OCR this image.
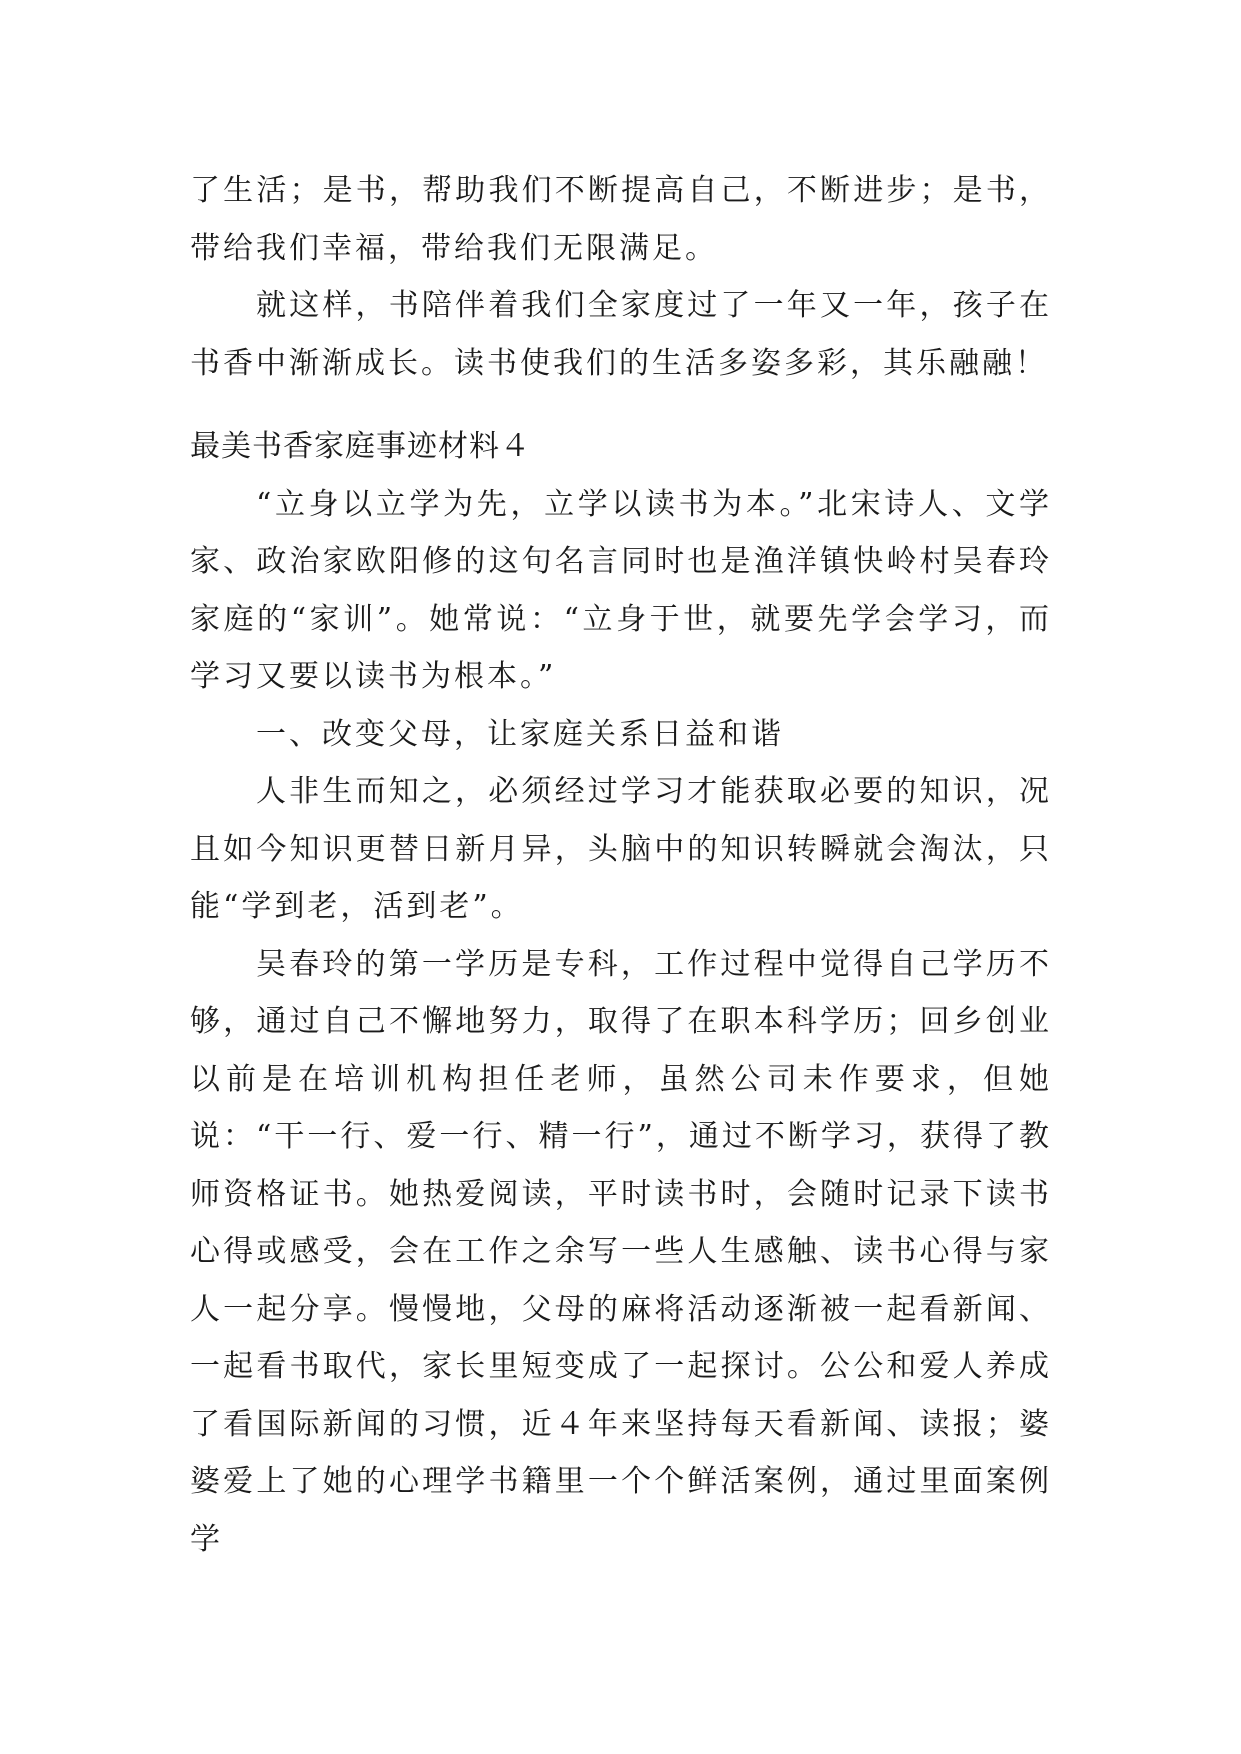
了生活；是书，帮助我们不断提高自己，不断进步；是书，带给我们幸福，带给我们无限满足。

就这样，书陪伴着我们全家度过了一年又一年，孩子在书香中渐渐成长。读书使我们的生活多姿多彩，其乐融融！

最美书香家庭事迹材料４

“立身以立学为先，立学以读书为本。”北宋诗人、文学家、政治家欧阳修的这句名言同时也是渔洋镇快岭村吴春玲家庭的“家训”。她常说：“立身于世，就要先学会学习，而学习又要以读书为根本。”

一、改变父母，让家庭关系日益和谐

人非生而知之，必须经过学习才能获取必要的知识，况且如今知识更替日新月异，头脑中的知识转瞬就会淘汰，只能“学到老，活到老”。

吴春玲的第一学历是专科，工作过程中觉得自己学历不够，通过自己不懈地努力，取得了在职本科学历；回乡创业以前是在培训机构担任老师，虽然公司未作要求，但她说：“干一行、爱一行、精一行”，通过不断学习，获得了教师资格证书。她热爱阅读，平时读书时，会随时记录下读书心得或感受，会在工作之余写一些人生感触、读书心得与家人一起分享。慢慢地，父母的麻将活动逐渐被一起看新闻、一起看书取代，家长里短变成了一起探讨。公公和爱人养成了看国际新闻的习惯，近４年来坚持每天看新闻、读报；婆婆爱上了她的心理学书籍里一个个鲜活案例，通过里面案例学
